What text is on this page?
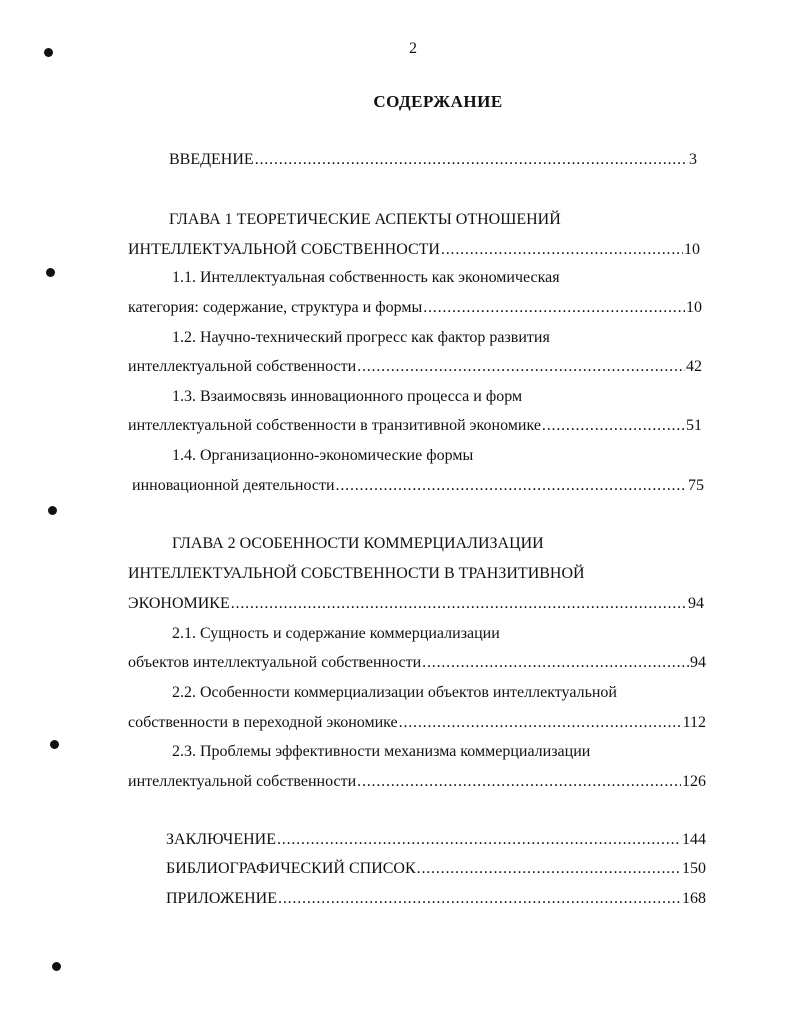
2
СОДЕРЖАНИЕ
ВВЕДЕНИЕ . . .	3
ГЛАВА 1 ТЕОРЕТИЧЕСКИЕ АСПЕКТЫ ОТНОШЕНИЙ
ИНТЕЛЛЕКТУАЛЬНОЙ СОБСТВЕННОСТИ . . .	10
1.1. Интеллектуальная собственность как экономическая
категория: содержание, структура и формы . . .	10
1.2. Научно-технический прогресс как фактор развития
интеллектуальной собственности . . .	42
1.3. Взаимосвязь инновационного процесса и форм
интеллектуальной собственности в транзитивной экономике . . .	51
1.4. Организационно-экономические формы
инновационной деятельности . . .	75
ГЛАВА 2 ОСОБЕННОСТИ КОММЕРЦИАЛИЗАЦИИ
ИНТЕЛЛЕКТУАЛЬНОЙ СОБСТВЕННОСТИ В ТРАНЗИТИВНОЙ
ЭКОНОМИКЕ . . .	94
2.1. Сущность и содержание коммерциализации
объектов интеллектуальной собственности . . .	94
2.2. Особенности коммерциализации объектов интеллектуальной
собственности в переходной экономике . . .	112
2.3. Проблемы эффективности механизма коммерциализации
интеллектуальной собственности . . .	126
ЗАКЛЮЧЕНИЕ . . .	144
БИБЛИОГРАФИЧЕСКИЙ СПИСОК . . .	150
ПРИЛОЖЕНИЕ . . .	168
